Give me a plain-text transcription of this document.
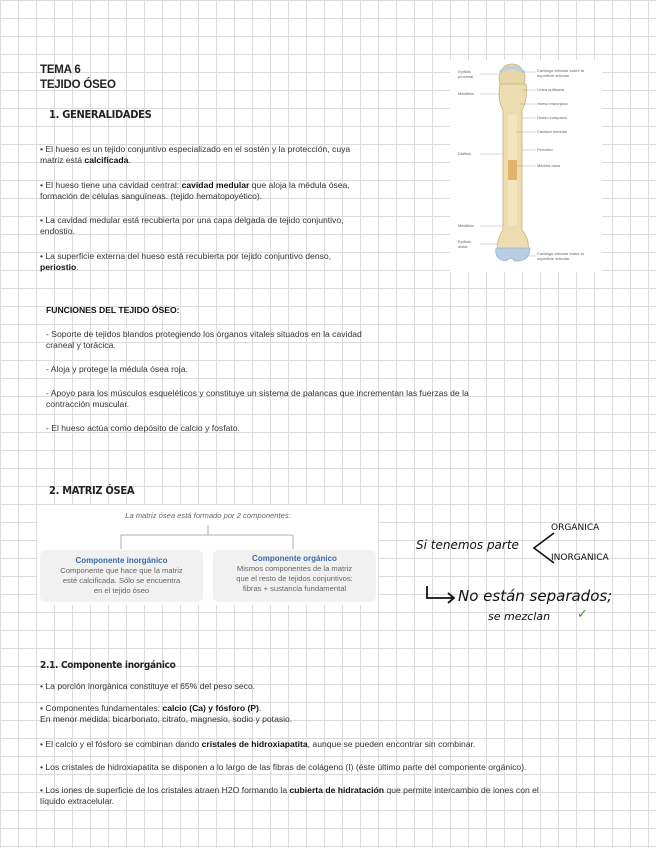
TEMA 6
TEJIDO ÓSEO
1. GENERALIDADES
• El hueso es un tejido conjuntivo especializado en el sostén y la protección, cuya
matriz está calcificada.
• El hueso tiene una cavidad central: cavidad medular que aloja la médula ósea,
formación de células sanguíneas. (tejido hematopoyético).
• La cavidad medular está recubierta por una capa delgada de tejido conjuntivo,
endostio.
• La superficie externa del hueso está recubierta por tejido conjuntivo denso,
periostio.
Epífisis proximal
Metáfisis
Diáfisis
Metáfisis
Epífisis distal
Cartílago articular sobre la superficie articular
Línea epifisaria
Hueso esponjoso
Hueso compacto
Cavidad medular
Periostio
Médula ósea
Cartílago articular sobre la superficie articular
FUNCIONES DEL TEJIDO ÓSEO:
- Soporte de tejidos blandos protegiendo los órganos vitales situados en la cavidad
craneal y torácica.
- Aloja y protege la médula ósea roja.
- Apoyo para los músculos esqueléticos y constituye un sistema de palancas que incrementan las fuerzas de la
contracción muscular.
- El hueso actúa como depósito de calcio y fosfato.
2. MATRIZ ÓSEA
La matriz ósea está formado por 2 componentes:
Componente inorgánico
Componente que hace que la matriz
esté calcificada. Sólo se encuentra
en el tejido óseo
Componente orgánico
Mismos componentes de la matriz
que el resto de tejidos conjuntivos:
fibras + sustancia fundamental
Si tenemos parte
ORGANICA
INORGANICA
No están separados;
se mezclan ✓
2.1. Componente inorgánico
• La porción inorgánica constituye el 65% del peso seco.
• Componentes fundamentales: calcio (Ca) y fósforo (P).
En menor medida: bicarbonato, citrato, magnesio, sodio y potasio.
• El calcio y el fósforo se combinan dando cristales de hidroxiapatita, aunque se pueden encontrar sin combinar.
• Los cristales de hidroxiapatita se disponen a lo largo de las fibras de colágeno (I) (éste último parte del componente orgánico).
• Los iones de superficie de los cristales atraen H2O formando la cubierta de hidratación que permite intercambio de iones con el
líquido extracelular.
